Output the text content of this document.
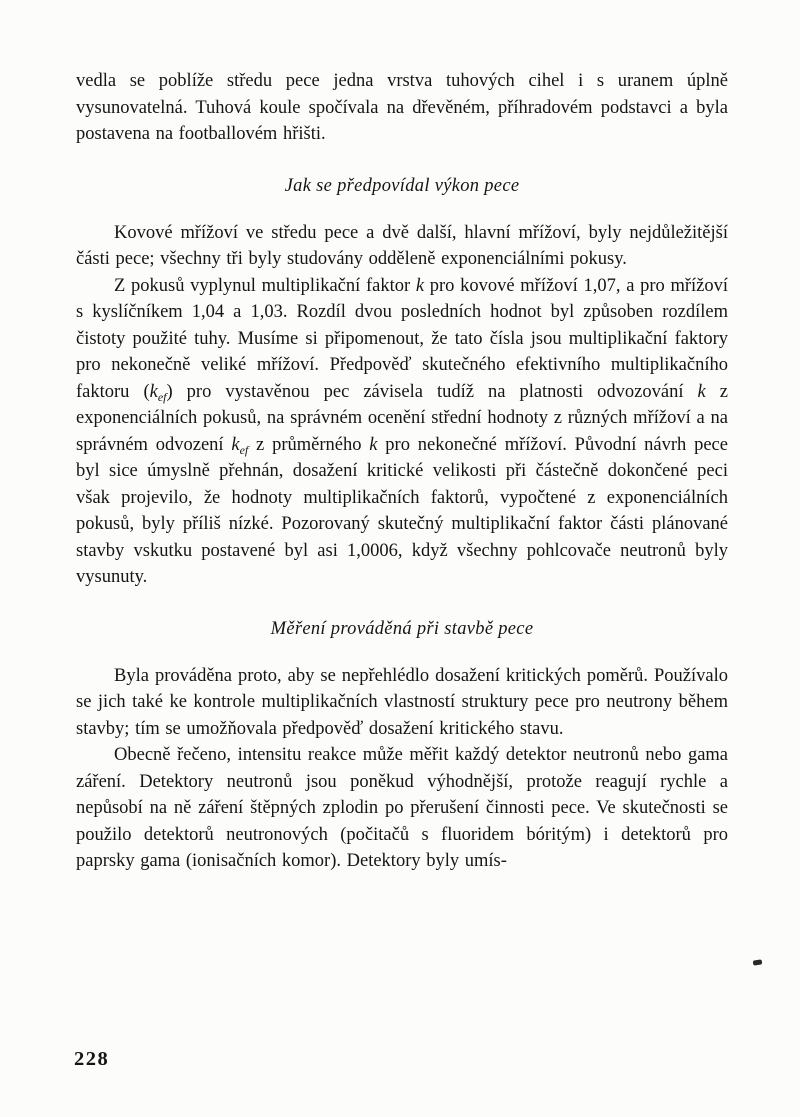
vedla se poblíže středu pece jedna vrstva tuhových cihel i s uranem úplně vysunovatelná. Tuhová koule spočívala na dřevěném, příhradovém podstavci a byla postavena na footballovém hřišti.

Jak se předpovídal výkon pece

Kovové mřížoví ve středu pece a dvě další, hlavní mřížoví, byly nejdůležitější části pece; všechny tři byly studovány odděleně exponenciálními pokusy.

Z pokusů vyplynul multiplikační faktor k pro kovové mřížoví 1,07, a pro mřížoví s kyslíčníkem 1,04 a 1,03. Rozdíl dvou posledních hodnot byl způsoben rozdílem čistoty použité tuhy. Musíme si připomenout, že tato čísla jsou multiplikační faktory pro nekonečně veliké mřížoví. Předpověď skutečného efektivního multiplikačního faktoru $(k_{ef})$ pro vystavěnou pec závisela tudíž na platnosti odvozování k z exponenciálních pokusů, na správném ocenění střední hodnoty z různých mřížoví a na správném odvození $k_{ef}$ z průměrného k pro nekonečné mřížoví. Původní návrh pece byl sice úmyslně přehnán, dosažení kritické velikosti při částečně dokončené peci však projevilo, že hodnoty multiplikačních faktorů, vypočtené z exponenciálních pokusů, byly příliš nízké. Pozorovaný skutečný multiplikační faktor části plánované stavby vskutku postavené byl asi 1,0006, když všechny pohlcovače neutronů byly vysunuty.

Měření prováděná při stavbě pece

Byla prováděna proto, aby se nepřehlédlo dosažení kritických poměrů. Používalo se jich také ke kontrole multiplikačních vlastností struktury pece pro neutrony během stavby; tím se umožňovala předpověď dosažení kritického stavu.

Obecně řečeno, intensitu reakce může měřit každý detektor neutronů nebo gama záření. Detektory neutronů jsou poněkud výhodnější, protože reagují rychle a nepůsobí na ně záření štěpných zplodin po přerušení činnosti pece. Ve skutečnosti se použilo detektorů neutronových (počitačů s fluoridem bóritým) i detektorů pro paprsky gama (ionisačních komor). Detektory byly umís-

228
